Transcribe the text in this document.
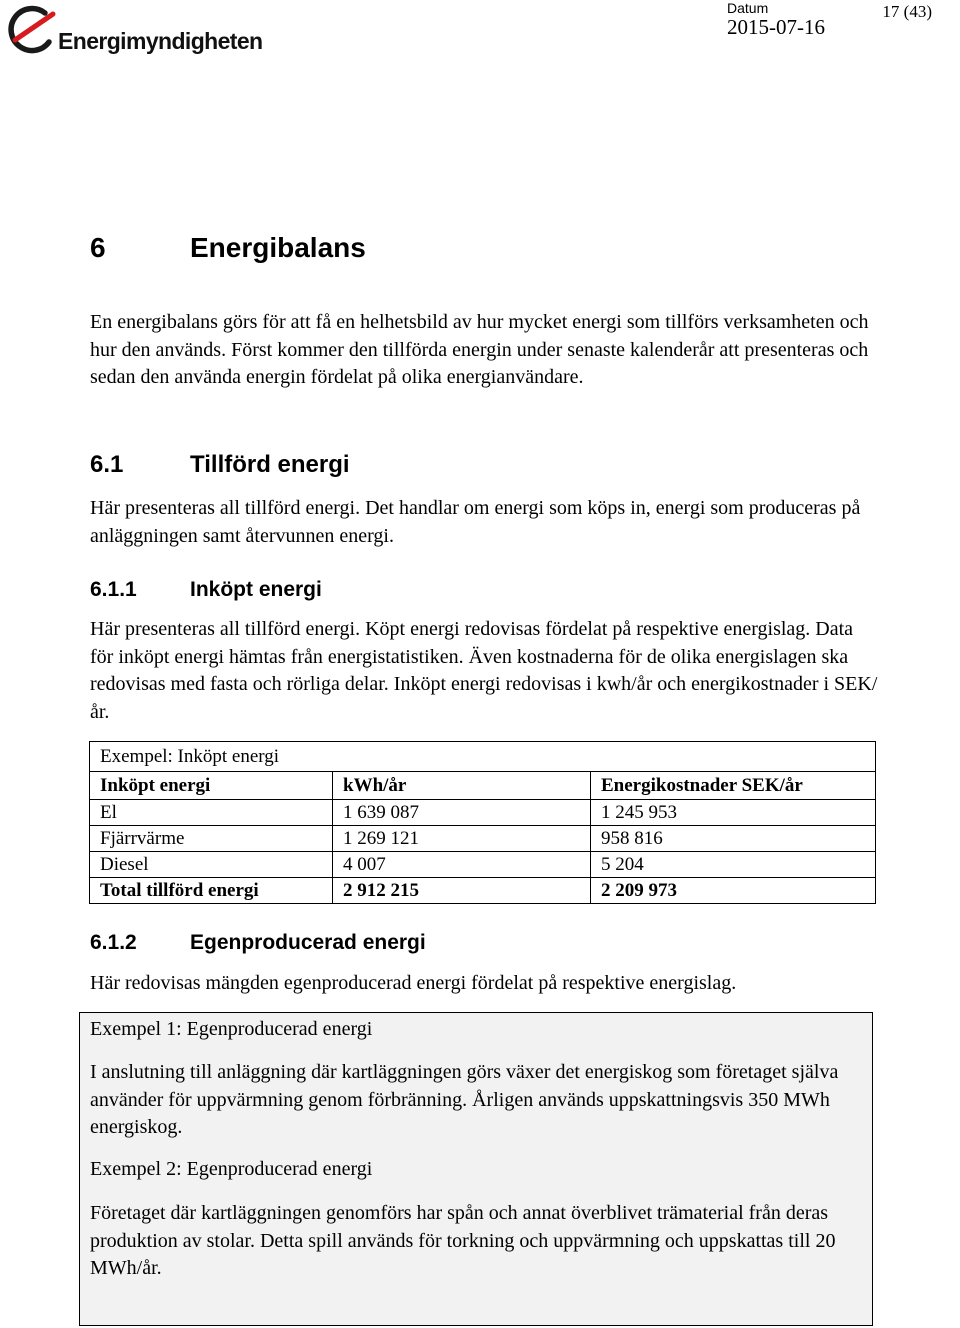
Energimyndigheten
Datum
2015-07-16
17 (43)
6	Energibalans
En energibalans görs för att få en helhetsbild av hur mycket energi som tillförs verksamheten och hur den används. Först kommer den tillförda energin under senaste kalenderår att presenteras och sedan den använda energin fördelat på olika energianvändare.
6.1	Tillförd energi
Här presenteras all tillförd energi. Det handlar om energi som köps in, energi som produceras på anläggningen samt återvunnen energi.
6.1.1	Inköpt energi
Här presenteras all tillförd energi. Köpt energi redovisas fördelat på respektive energislag. Data för inköpt energi hämtas från energistatistiken. Även kostnaderna för de olika energislagen ska redovisas med fasta och rörliga delar. Inköpt energi redovisas i kwh/år och energikostnader i SEK/år.
Exempel: Inköpt energi		
Inköpt energi	kWh/år	Energikostnader SEK/år
El	1 639 087	1 245 953
Fjärrvärme	1 269 121	958 816
Diesel	4 007	5 204
Total tillförd energi	2 912 215	2 209 973
6.1.2	Egenproducerad energi
Här redovisas mängden egenproducerad energi fördelat på respektive energislag.
Exempel 1: Egenproducerad energi
I anslutning till anläggning där kartläggningen görs växer det energiskog som företaget själva använder för uppvärmning genom förbränning. Årligen används uppskattningsvis 350 MWh energiskog.
Exempel 2: Egenproducerad energi
Företaget där kartläggningen genomförs har spån och annat överblivet trämaterial från deras produktion av stolar. Detta spill används för torkning och uppvärmning och uppskattas till 20 MWh/år.
